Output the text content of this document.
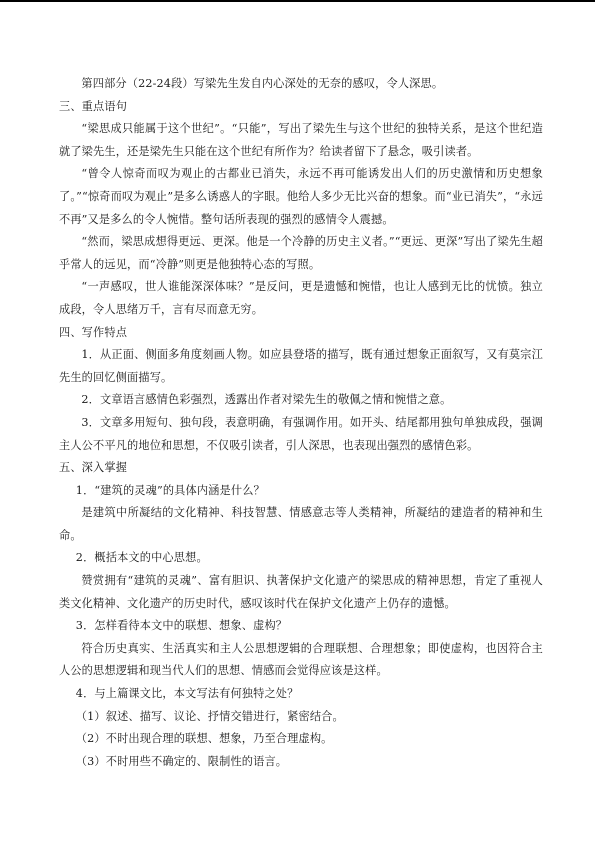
第四部分（22-24段）写梁先生发自内心深处的无奈的感叹，令人深思。

三、重点语句

“梁思成只能属于这个世纪”。“只能”，写出了梁先生与这个世纪的独特关系，是这个世纪造就了梁先生，还是梁先生只能在这个世纪有所作为？给读者留下了悬念，吸引读者。

“曾令人惊奇而叹为观止的古都业已消失，永远不再可能诱发出人们的历史激情和历史想象了。”“惊奇而叹为观止”是多么诱惑人的字眼。他给人多少无比兴奋的想象。而“业已消失”，“永远不再”又是多么的令人惋惜。整句话所表现的强烈的感情令人震撼。

“然而，梁思成想得更远、更深。他是一个冷静的历史主义者。”“更远、更深”写出了梁先生超乎常人的远见，而“冷静”则更是他独特心态的写照。

“一声感叹，世人谁能深深体味？”是反问，更是遗憾和惋惜，也让人感到无比的忧愤。独立成段，令人思绪万千，言有尽而意无穷。

四、写作特点

1．从正面、侧面多角度刻画人物。如应县登塔的描写，既有通过想象正面叙写，又有莫宗江先生的回忆侧面描写。

2．文章语言感情色彩强烈，透露出作者对梁先生的敬佩之情和惋惜之意。

3．文章多用短句、独句段，表意明确，有强调作用。如开头、结尾都用独句单独成段，强调主人公不平凡的地位和思想，不仅吸引读者，引人深思，也表现出强烈的感情色彩。

五、深入掌握

1．“建筑的灵魂”的具体内涵是什么？

是建筑中所凝结的文化精神、科技智慧、情感意志等人类精神，所凝结的建造者的精神和生命。

2．概括本文的中心思想。

赞赏拥有“建筑的灵魂”、富有胆识、执著保护文化遗产的梁思成的精神思想，肯定了重视人类文化精神、文化遗产的历史时代，感叹该时代在保护文化遗产上仍存的遗憾。

3．怎样看待本文中的联想、想象、虚构？

符合历史真实、生活真实和主人公思想逻辑的合理联想、合理想象；即使虚构，也因符合主人公的思想逻辑和现当代人们的思想、情感而会觉得应该是这样。

4．与上篇课文比，本文写法有何独特之处？

（1）叙述、描写、议论、抒情交错进行，紧密结合。

（2）不时出现合理的联想、想象，乃至合理虚构。

（3）不时用些不确定的、限制性的语言。
